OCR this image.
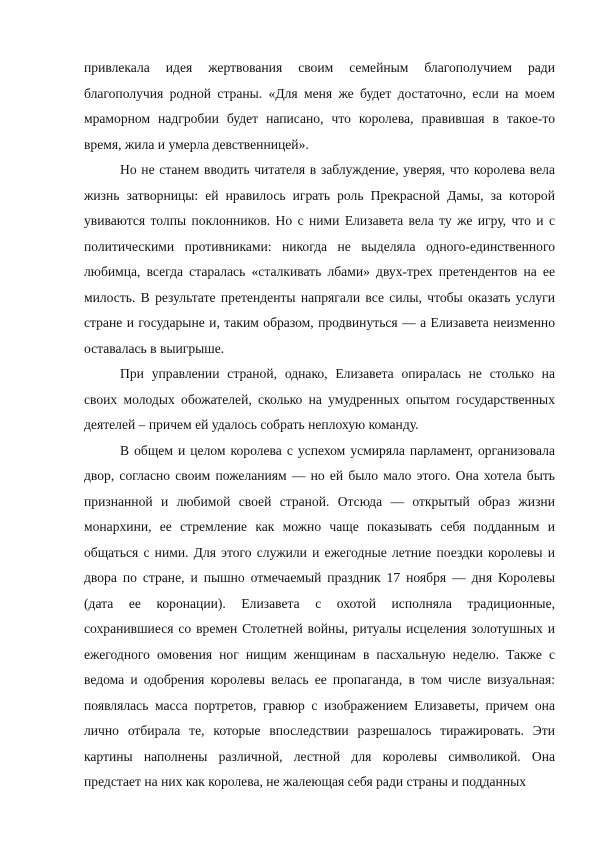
привлекала идея жертвования своим семейным благополучием ради благополучия родной страны. «Для меня же будет достаточно, если на моем мраморном надгробии будет написано, что королева, правившая в такое-то время, жила и умерла девственницей».

Но не станем вводить читателя в заблуждение, уверяя, что королева вела жизнь затворницы: ей нравилось играть роль Прекрасной Дамы, за которой увиваются толпы поклонников. Но с ними Елизавета вела ту же игру, что и с политическими противниками: никогда не выделяла одного-единственного любимца, всегда старалась «сталкивать лбами» двух-трех претендентов на ее милость. В результате претенденты напрягали все силы, чтобы оказать услуги стране и государыне и, таким образом, продвинуться — а Елизавета неизменно оставалась в выигрыше.

При управлении страной, однако, Елизавета опиралась не столько на своих молодых обожателей, сколько на умудренных опытом государственных деятелей – причем ей удалось собрать неплохую команду.

В общем и целом королева с успехом усмиряла парламент, организовала двор, согласно своим пожеланиям — но ей было мало этого. Она хотела быть признанной и любимой своей страной. Отсюда — открытый образ жизни монархини, ее стремление как можно чаще показывать себя подданным и общаться с ними. Для этого служили и ежегодные летние поездки королевы и двора по стране, и пышно отмечаемый праздник 17 ноября — дня Королевы (дата ее коронации). Елизавета с охотой исполняла традиционные, сохранившиеся со времен Столетней войны, ритуалы исцеления золотушных и ежегодного омовения ног нищим женщинам в пасхальную неделю. Также с ведома и одобрения королевы велась ее пропаганда, в том числе визуальная: появлялась масса портретов, гравюр с изображением Елизаветы, причем она лично отбирала те, которые впоследствии разрешалось тиражировать. Эти картины наполнены различной, лестной для королевы символикой. Она предстает на них как королева, не жалеющая себя ради страны и подданных
